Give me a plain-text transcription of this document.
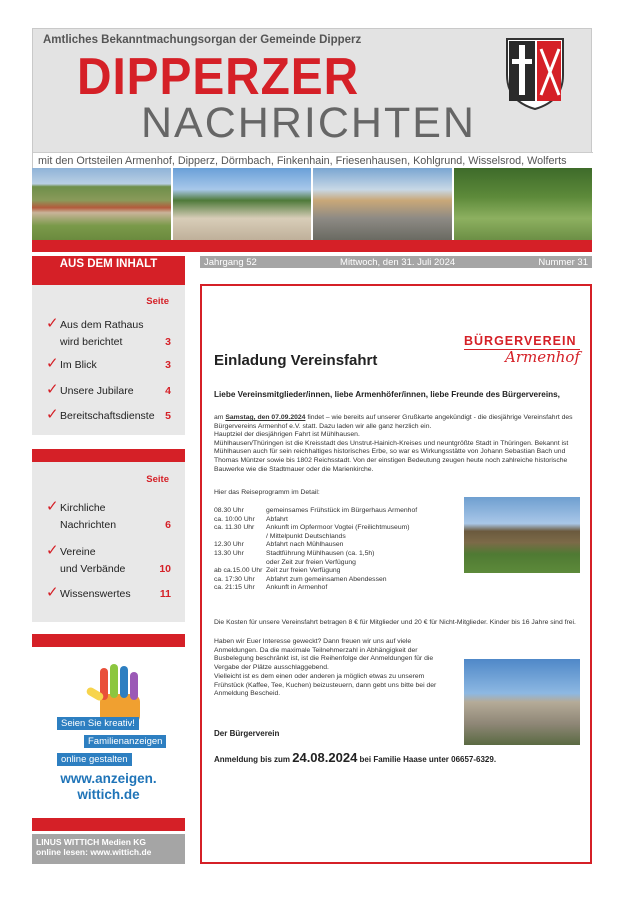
Amtliches Bekanntmachungsorgan der Gemeinde Dipperz
DIPPERZER
NACHRICHTEN
mit den Ortsteilen Armenhof, Dipperz, Dörmbach, Finkenhain, Friesenhausen, Kohlgrund, Wisselsrod, Wolferts
Jahrgang 52	Mittwoch, den 31. Juli 2024	Nummer 31
AUS DEM INHALT
Seite
✓ Aus dem Rathaus
wird berichtet	3
✓ Im Blick	3
✓ Unsere Jubilare	4
✓ Bereitschaftsdienste	5
Seite
✓ Kirchliche
Nachrichten	6
✓ Vereine
und Verbände	10
✓ Wissenswertes	11
Seien Sie kreativ!
Familienanzeigen
online gestalten
www.anzeigen.
wittich.de
LINUS WITTICH Medien KG
online lesen: www.wittich.de
BÜRGERVEREIN
Armenhof
Einladung Vereinsfahrt
Liebe Vereinsmitglieder/innen, liebe Armenhöfer/innen, liebe Freunde des Bürgervereins,
am Samstag, den 07.09.2024 findet – wie bereits auf unserer Grußkarte angekündigt - die diesjährige Vereinsfahrt des Bürgervereins Armenhof e.V. statt. Dazu laden wir alle ganz herzlich ein.
Hauptziel der diesjährigen Fahrt ist Mühlhausen.
Mühlhausen/Thüringen ist die Kreisstadt des Unstrut-Hainich-Kreises und neuntgrößte Stadt in Thüringen. Bekannt ist Mühlhausen auch für sein reichhaltiges historisches Erbe, so war es Wirkungsstätte von Johann Sebastian Bach und Thomas Müntzer sowie bis 1802 Reichsstadt. Von der einstigen Bedeutung zeugen heute noch zahlreiche historische Bauwerke wie die Stadtmauer oder die Marienkirche.
Hier das Reiseprogramm im Detail:
08.30 Uhr	gemeinsames Frühstück im Bürgerhaus Armenhof
ca. 10:00 Uhr	Abfahrt
ca. 11.30 Uhr	Ankunft im Opfermoor Vogtei (Freilichtmuseum)
/ Mittelpunkt Deutschlands
12.30 Uhr	Abfahrt nach Mühlhausen
13.30 Uhr	Stadtführung Mühlhausen (ca. 1,5h)
oder Zeit zur freien Verfügung
ab ca.15.00 Uhr Zeit zur freien Verfügung
ca. 17:30 Uhr	Abfahrt zum gemeinsamen Abendessen
ca. 21:15 Uhr	Ankunft in Armenhof
Die Kosten für unsere Vereinsfahrt betragen 8 € für Mitglieder und 20 € für Nicht-Mitglieder. Kinder bis 16 Jahre sind frei.
Haben wir Euer Interesse geweckt? Dann freuen wir uns auf viele Anmeldungen. Da die maximale Teilnehmerzahl in Abhängigkeit der Busbelegung beschränkt ist, ist die Reihenfolge der Anmeldungen für die Vergabe der Plätze ausschlaggebend.
Vielleicht ist es dem einen oder anderen ja möglich etwas zu unserem Frühstück (Kaffee, Tee, Kuchen) beizusteuern, dann gebt uns bitte bei der Anmeldung Bescheid.
Der Bürgerverein
Anmeldung bis zum 24.08.2024 bei Familie Haase unter 06657-6329.
